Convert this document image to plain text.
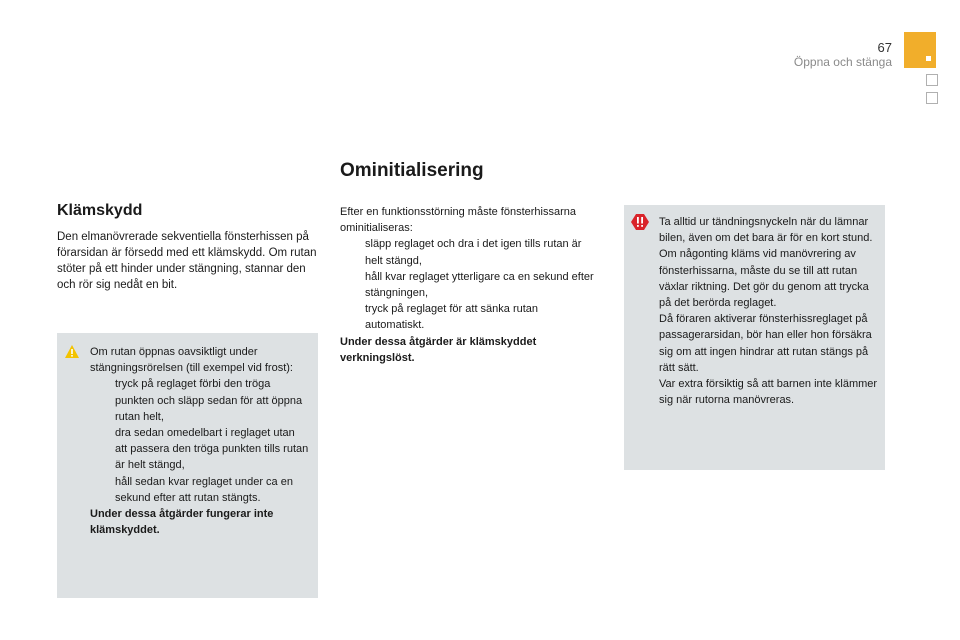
67
Öppna och stänga
Ominitialisering
Klämskydd

Den elmanövrerade sekventiella fönsterhissen på förarsidan är försedd med ett klämskydd. Om rutan stöter på ett hinder under stängning, stannar den och rör sig nedåt en bit.

Om rutan öppnas oavsiktligt under stängningsrörelsen (till exempel vid frost):

tryck på reglaget förbi den tröga punkten och släpp sedan för att öppna rutan helt,
dra sedan omedelbart i reglaget utan att passera den tröga punkten tills rutan är helt stängd,
håll sedan kvar reglaget under ca en sekund efter att rutan stängts.

Under dessa åtgärder fungerar inte klämskyddet.

Efter en funktionsstörning måste fönsterhissarna ominitialiseras:

släpp reglaget och dra i det igen tills rutan är helt stängd,
håll kvar reglaget ytterligare ca en sekund efter stängningen,
tryck på reglaget för att sänka rutan automatiskt.

Under dessa åtgärder är klämskyddet verkningslöst.

Ta alltid ur tändningsnyckeln när du lämnar bilen, även om det bara är för en kort stund.

Om någonting kläms vid manövrering av fönsterhissarna, måste du se till att rutan växlar riktning. Det gör du genom att trycka på det berörda reglaget.

Då föraren aktiverar fönsterhissreglaget på passagerarsidan, bör han eller hon försäkra sig om att ingen hindrar att rutan stängs på rätt sätt.

Var extra försiktig så att barnen inte klämmer sig när rutorna manövreras.
